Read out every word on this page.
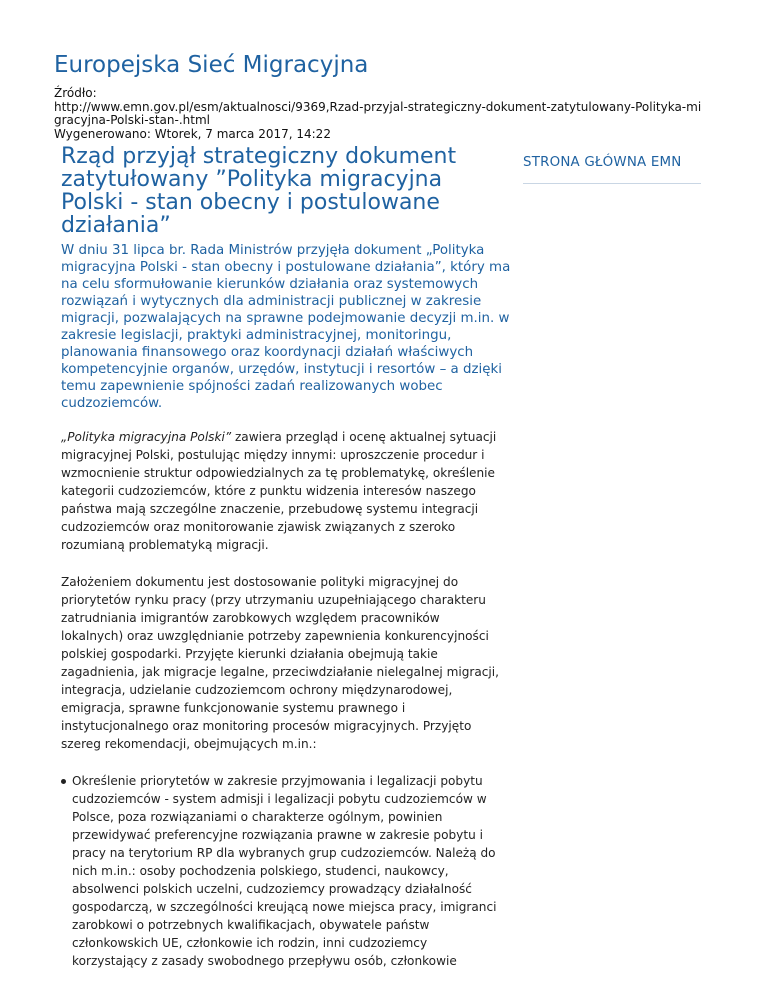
Europejska Sieć Migracyjna
Źródło:
http://www.emn.gov.pl/esm/aktualnosci/9369,Rzad-przyjal-strategiczny-dokument-zatytulowany-Polityka-mi
gracyjna-Polski-stan-.html
Wygenerowano: Wtorek, 7 marca 2017, 14:22
Rząd przyjął strategiczny dokument zatytułowany ”Polityka migracyjna Polski - stan obecny i postulowane działania”

W dniu 31 lipca br. Rada Ministrów przyjęła dokument „Polityka migracyjna Polski - stan obecny i postulowane działania”, który ma na celu sformułowanie kierunków działania oraz systemowych rozwiązań i wytycznych dla administracji publicznej w zakresie migracji, pozwalających na sprawne podejmowanie decyzji m.in. w zakresie legislacji, praktyki administracyjnej, monitoringu, planowania finansowego oraz koordynacji działań właściwych kompetencyjnie organów, urzędów, instytucji i resortów – a dzięki temu zapewnienie spójności zadań realizowanych wobec cudzoziemców.

„Polityka migracyjna Polski” zawiera przegląd i ocenę aktualnej sytuacji migracyjnej Polski, postulując między innymi: uproszczenie procedur i wzmocnienie struktur odpowiedzialnych za tę problematykę, określenie kategorii cudzoziemców, które z punktu widzenia interesów naszego państwa mają szczególne znaczenie, przebudowę systemu integracji cudzoziemców oraz monitorowanie zjawisk związanych z szeroko rozumianą problematyką migracji.

Założeniem dokumentu jest dostosowanie polityki migracyjnej do priorytetów rynku pracy (przy utrzymaniu uzupełniającego charakteru zatrudniania imigrantów zarobkowych względem pracowników lokalnych) oraz uwzględnianie potrzeby zapewnienia konkurencyjności polskiej gospodarki. Przyjęte kierunki działania obejmują takie zagadnienia, jak migracje legalne, przeciwdziałanie nielegalnej migracji, integracja, udzielanie cudzoziemcom ochrony międzynarodowej, emigracja, sprawne funkcjonowanie systemu prawnego i instytucjonalnego oraz monitoring procesów migracyjnych. Przyjęto szereg rekomendacji, obejmujących m.in.:

Określenie priorytetów w zakresie przyjmowania i legalizacji pobytu cudzoziemców - system admisji i legalizacji pobytu cudzoziemców w Polsce, poza rozwiązaniami o charakterze ogólnym, powinien przewidywać preferencyjne rozwiązania prawne w zakresie pobytu i pracy na terytorium RP dla wybranych grup cudzoziemców. Należą do nich m.in.: osoby pochodzenia polskiego, studenci, naukowcy, absolwenci polskich uczelni, cudzoziemcy prowadzący działalność gospodarczą, w szczególności kreującą nowe miejsca pracy, imigranci zarobkowi o potrzebnych kwalifikacjach, obywatele państw członkowskich UE, członkowie ich rodzin, inni cudzoziemcy korzystający z zasady swobodnego przepływu osób, członkowie
STRONA GŁÓWNA EMN
